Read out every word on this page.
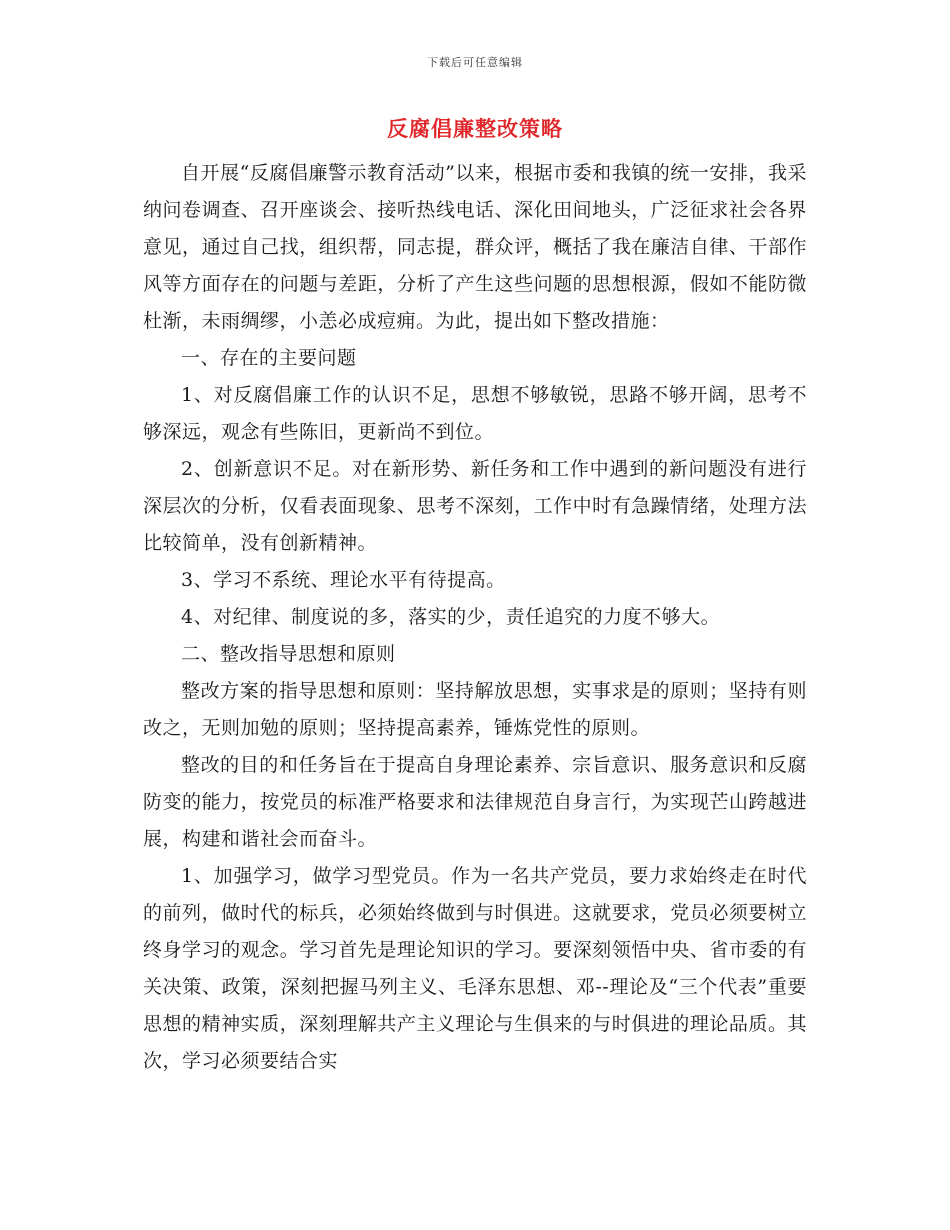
下载后可任意编辑
反腐倡廉整改策略

自开展“反腐倡廉警示教育活动”以来，根据市委和我镇的统一安排，我采纳问卷调查、召开座谈会、接听热线电话、深化田间地头，广泛征求社会各界意见，通过自己找，组织帮，同志提，群众评，概括了我在廉洁自律、干部作风等方面存在的问题与差距，分析了产生这些问题的思想根源，假如不能防微杜渐，未雨绸缪，小恙必成痘痈。为此，提出如下整改措施：

一、存在的主要问题

1、对反腐倡廉工作的认识不足，思想不够敏锐，思路不够开阔，思考不够深远，观念有些陈旧，更新尚不到位。

2、创新意识不足。对在新形势、新任务和工作中遇到的新问题没有进行深层次的分析，仅看表面现象、思考不深刻，工作中时有急躁情绪，处理方法比较简单，没有创新精神。

3、学习不系统、理论水平有待提高。

4、对纪律、制度说的多，落实的少，责任追究的力度不够大。

二、整改指导思想和原则

整改方案的指导思想和原则：坚持解放思想，实事求是的原则；坚持有则改之，无则加勉的原则；坚持提高素养，锤炼党性的原则。

整改的目的和任务旨在于提高自身理论素养、宗旨意识、服务意识和反腐防变的能力，按党员的标准严格要求和法律规范自身言行，为实现芒山跨越进展，构建和谐社会而奋斗。

1、加强学习，做学习型党员。作为一名共产党员，要力求始终走在时代的前列，做时代的标兵，必须始终做到与时俱进。这就要求，党员必须要树立终身学习的观念。学习首先是理论知识的学习。要深刻领悟中央、省市委的有关决策、政策，深刻把握马列主义、毛泽东思想、邓--理论及“三个代表”重要思想的精神实质，深刻理解共产主义理论与生俱来的与时俱进的理论品质。其次，学习必须要结合实
